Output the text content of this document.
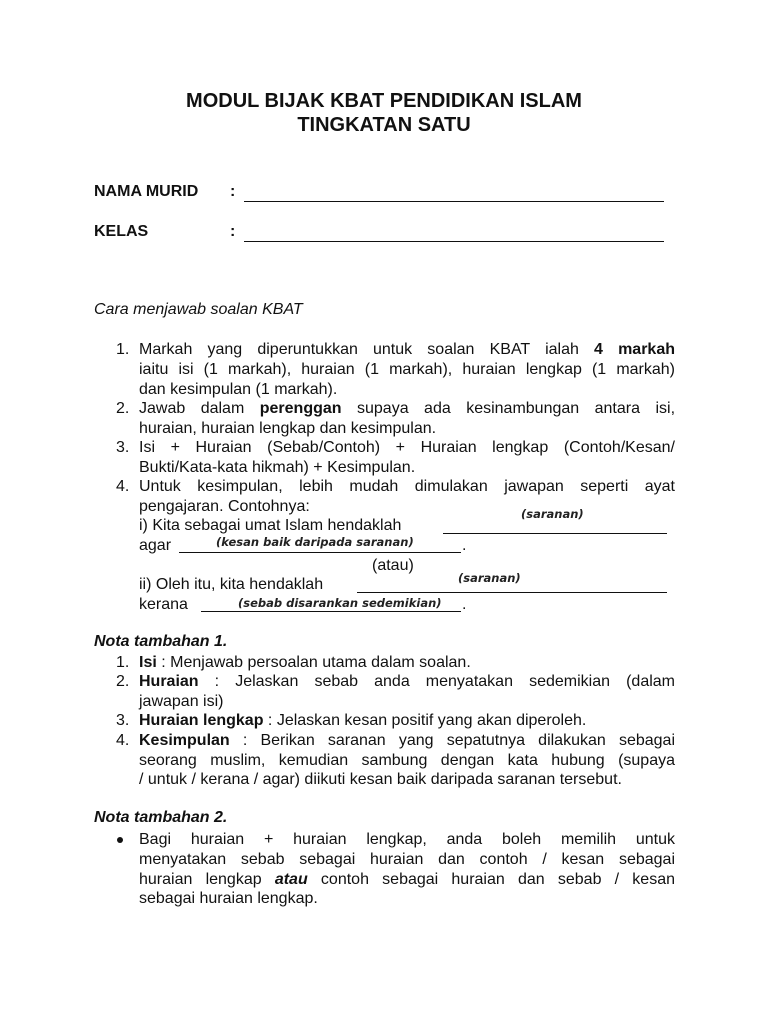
MODUL BIJAK KBAT PENDIDIKAN ISLAM
TINGKATAN SATU
NAMA MURID	:
KELAS	:
Cara menjawab soalan KBAT
1. Markah yang diperuntukkan untuk soalan KBAT ialah 4 markah
iaitu isi (1 markah), huraian (1 markah), huraian lengkap (1 markah)
dan kesimpulan (1 markah).
2. Jawab dalam perenggan supaya ada kesinambungan antara isi,
huraian, huraian lengkap dan kesimpulan.
3. Isi + Huraian (Sebab/Contoh) + Huraian lengkap (Contoh/Kesan/
Bukti/Kata-kata hikmah) + Kesimpulan.
4. Untuk kesimpulan, lebih mudah dimulakan jawapan seperti ayat
pengajaran. Contohnya:
i) Kita sebagai umat Islam hendaklah
(saranan)
agar	(kesan baik daripada saranan)	.
(atau)
ii) Oleh itu, kita hendaklah	(saranan)
kerana	(sebab disarankan sedemikian) .
Nota tambahan 1.
1. Isi : Menjawab persoalan utama dalam soalan.
2. Huraian : Jelaskan sebab anda menyatakan sedemikian (dalam
jawapan isi)
3. Huraian lengkap : Jelaskan kesan positif yang akan diperoleh.
4. Kesimpulan : Berikan saranan yang sepatutnya dilakukan sebagai
seorang muslim, kemudian sambung dengan kata hubung (supaya
/ untuk / kerana / agar) diikuti kesan baik daripada saranan tersebut.
Nota tambahan 2.
Bagi huraian + huraian lengkap, anda boleh memilih untuk
menyatakan sebab sebagai huraian dan contoh / kesan sebagai
huraian lengkap atau contoh sebagai huraian dan sebab / kesan
sebagai huraian lengkap.
